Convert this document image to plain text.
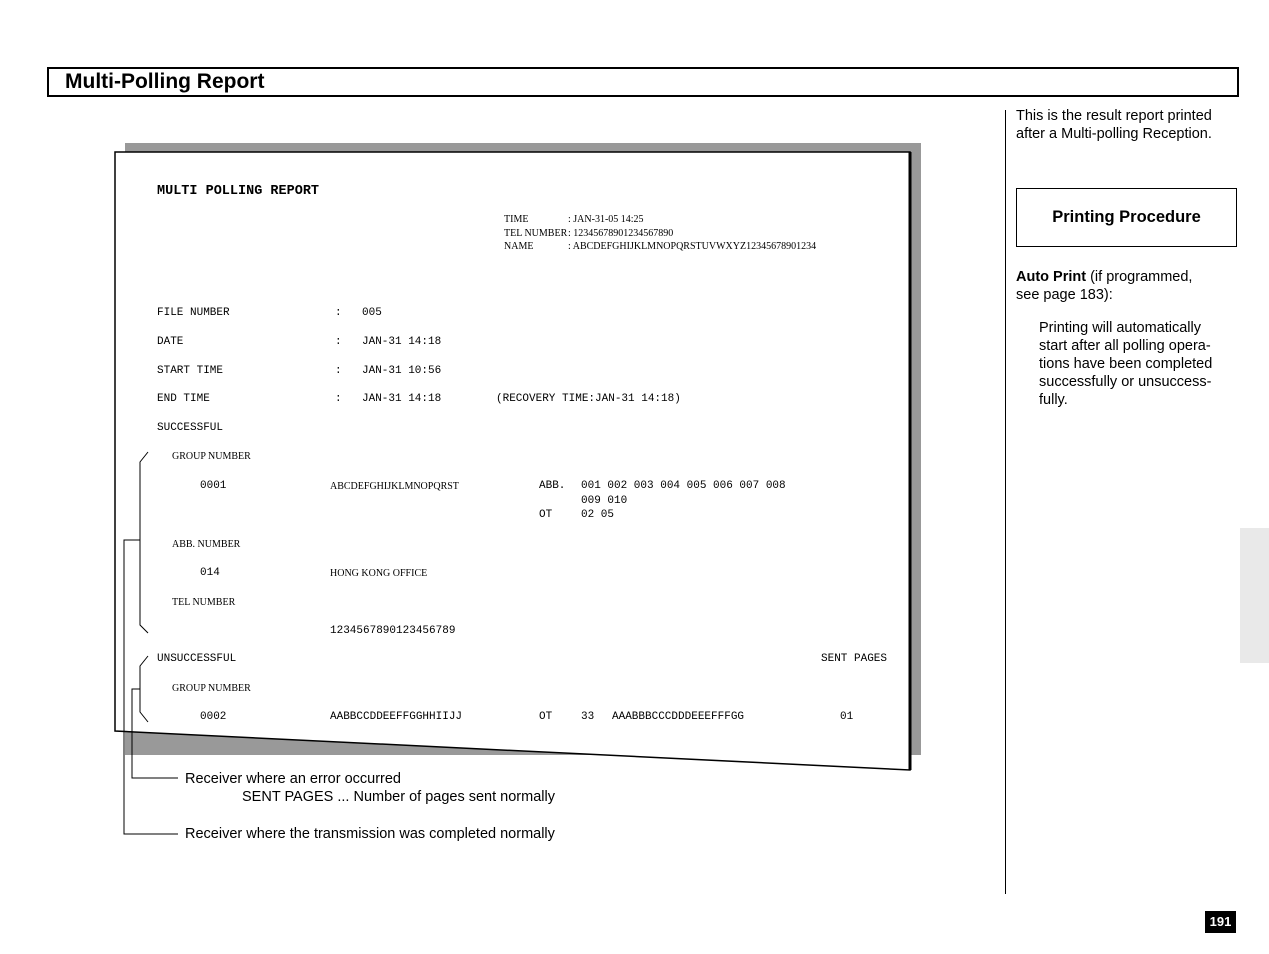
Multi-Polling Report
This is the result report printed
after a Multi-polling Reception.
Printing Procedure
Auto Print (if programmed,
see page 183):
Printing will automatically
start after all polling opera-
tions have been completed
successfully or unsuccess-
fully.
191
MULTI POLLING REPORT
TIME	: JAN-31-05 14:25
TEL NUMBER : 12345678901234567890
NAME	: ABCDEFGHIJKLMNOPQRSTUVWXYZ12345678901234
FILE NUMBER	: 005
DATE	: JAN-31 14:18
START TIME	: JAN-31 10:56
END TIME	: JAN-31 14:18	(RECOVERY TIME:JAN-31 14:18)
SUCCESSFUL
GROUP NUMBER
0001	ABCDEFGHIJKLMNOPQRST	ABB. 001 002 003 004 005 006 007 008
009 010
OT	02 05
ABB. NUMBER
014	HONG KONG OFFICE
TEL NUMBER
1234567890123456789
UNSUCCESSFUL	SENT PAGES
GROUP NUMBER
0002	AABBCCDDEEFFGGHHIIJJ	OT	33 AAABBBCCCDDDEEEFFFGG	01
Receiver where an error occurred
SENT PAGES ... Number of pages sent normally
Receiver where the transmission was completed normally
